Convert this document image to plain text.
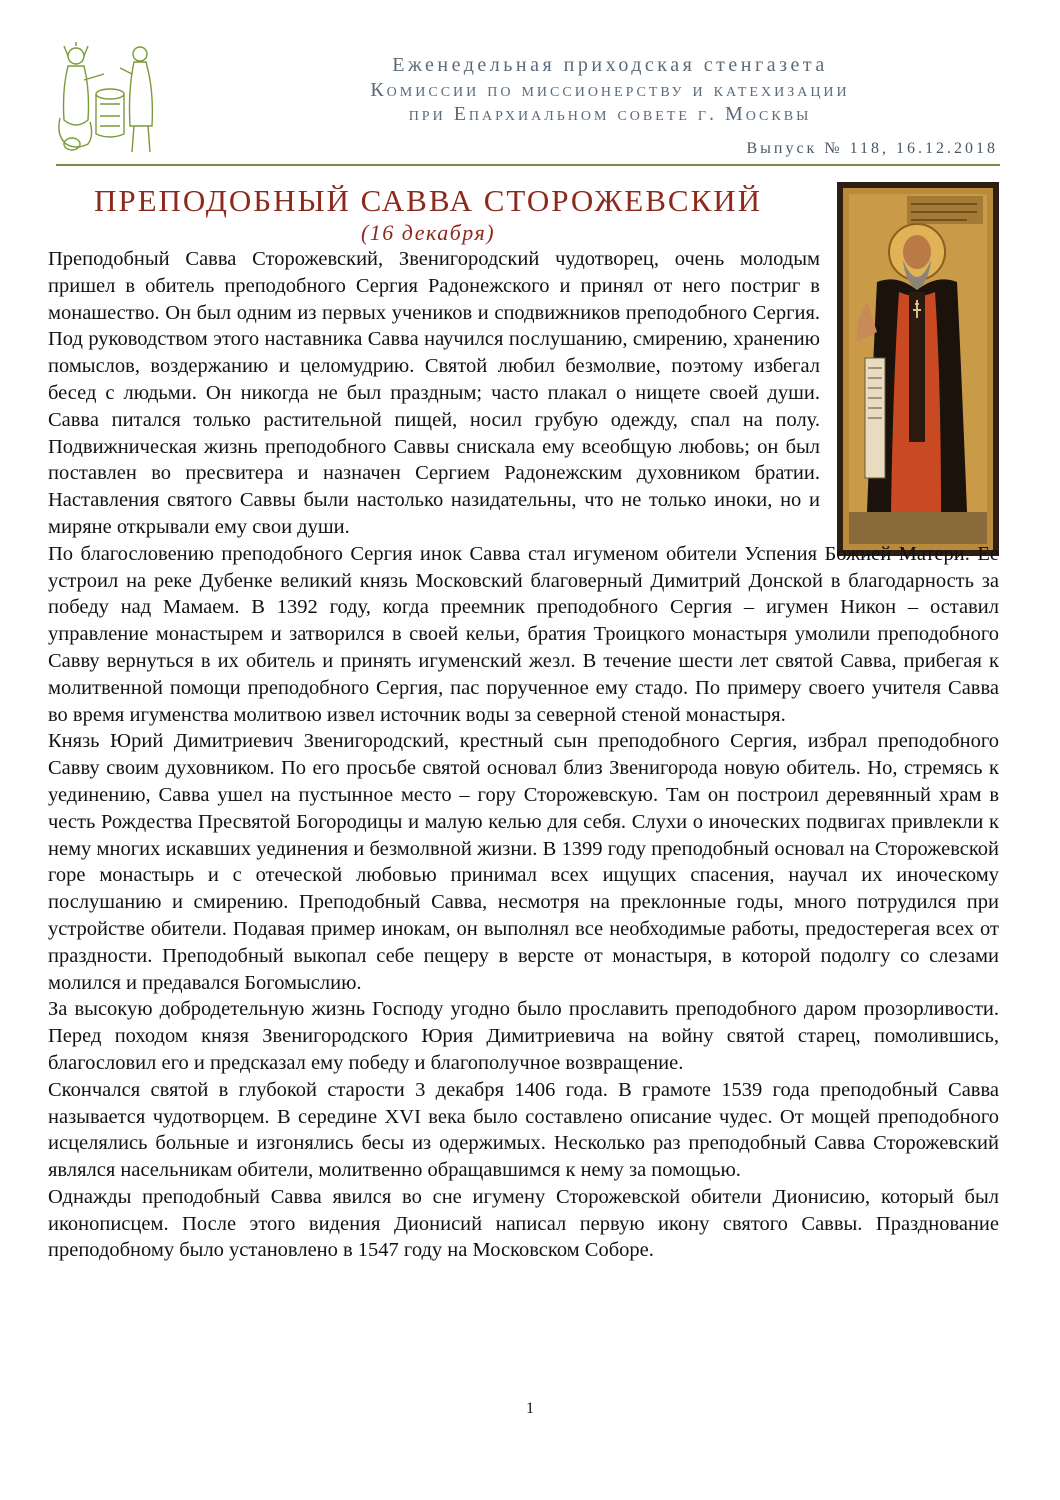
Еженедельная приходская стенгазета
Комиссии по миссионерству и катехизации
при Епархиальном совете г. Москвы
Выпуск № 118, 16.12.2018
ПРЕПОДОБНЫЙ САВВА СТОРОЖЕВСКИЙ
(16 декабря)

Преподобный Савва Сторожевский, Звенигородский чудотворец, очень молодым пришел в обитель преподобного Сергия Радонежского и принял от него постриг в монашество. Он был одним из первых учеников и сподвижников преподобного Сергия. Под руководством этого наставника Савва научился послушанию, смирению, хранению помыслов, воздержанию и целомудрию. Святой любил безмолвие, поэтому избегал бесед с людьми. Он никогда не был праздным; часто плакал о нищете своей души. Савва питался только растительной пищей, носил грубую одежду, спал на полу. Подвижническая жизнь преподобного Саввы снискала ему всеобщую любовь; он был поставлен во пресвитера и назначен Сергием Радонежским духовником братии. Наставления святого Саввы были настолько назидательны, что не только иноки, но и миряне открывали ему свои души.

По благословению преподобного Сергия инок Савва стал игуменом обители Успения Божией Матери. Ее устроил на реке Дубенке великий князь Московский благоверный Димитрий Донской в благодарность за победу над Мамаем. В 1392 году, когда преемник преподобного Сергия – игумен Никон – оставил управление монастырем и затворился в своей кельи, братия Троицкого монастыря умолили преподобного Савву вернуться в их обитель и принять игуменский жезл. В течение шести лет святой Савва, прибегая к молитвенной помощи преподобного Сергия, пас порученное ему стадо. По примеру своего учителя Савва во время игуменства молитвою извел источник воды за северной стеной монастыря.

Князь Юрий Димитриевич Звенигородский, крестный сын преподобного Сергия, избрал преподобного Савву своим духовником. По его просьбе святой основал близ Звенигорода новую обитель. Но, стремясь к уединению, Савва ушел на пустынное место – гору Сторожевскую. Там он построил деревянный храм в честь Рождества Пресвятой Богородицы и малую келью для себя. Слухи о иноческих подвигах привлекли к нему многих искавших уединения и безмолвной жизни. В 1399 году преподобный основал на Сторожевской горе монастырь и с отеческой любовью принимал всех ищущих спасения, научал их иноческому послушанию и смирению. Преподобный Савва, несмотря на преклонные годы, много потрудился при устройстве обители. Подавая пример инокам, он выполнял все необходимые работы, предостерегая всех от праздности. Преподобный выкопал себе пещеру в версте от монастыря, в которой подолгу со слезами молился и предавался Богомыслию.

За высокую добродетельную жизнь Господу угодно было прославить преподобного даром прозорливости. Перед походом князя Звенигородского Юрия Димитриевича на войну святой старец, помолившись, благословил его и предсказал ему победу и благополучное возвращение.

Скончался святой в глубокой старости 3 декабря 1406 года. В грамоте 1539 года преподобный Савва называется чудотворцем. В середине XVI века было составлено описание чудес. От мощей преподобного исцелялись больные и изгонялись бесы из одержимых. Несколько раз преподобный Савва Сторожевский являлся насельникам обители, молитвенно обращавшимся к нему за помощью.

Однажды преподобный Савва явился во сне игумену Сторожевской обители Дионисию, который был иконописцем. После этого видения Дионисий написал первую икону святого Саввы. Празднование преподобному было установлено в 1547 году на Московском Соборе.

1
